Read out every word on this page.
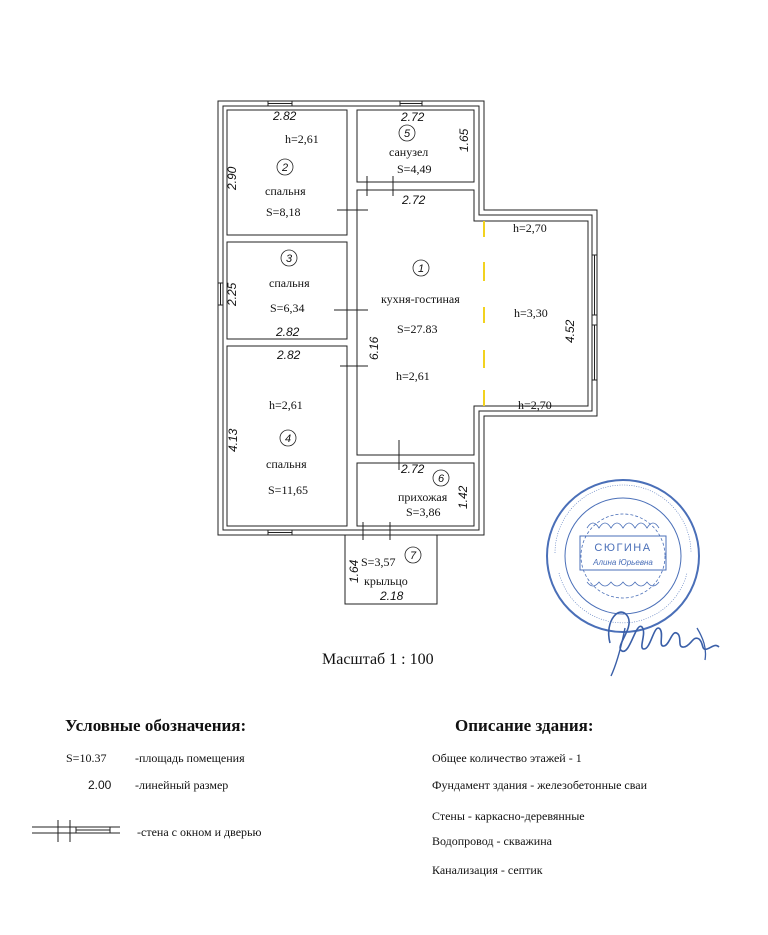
5
2
3
1
4
6
7
h=2,61
спальня
S=8,18
санузел
S=4,49
спальня
S=6,34
кухня-гостиная
S=27.83
h=2,61
h=2,70
h=3,30
h=2,70
h=2,61
спальня
S=11,65	прихожая
S=3,86
S=3,57
крыльцо
2.82
2.90
2.72
1.65
2.72
6.16
4.52
2.25
2.82
2.82
4.13
2.72
1.42
1.64
2.18
СЮГИНА
Алина Юрьевна
Масштаб 1 : 100
Условные обозначения:
S=10.37 -площадь помещения
2.00 -линейный размер
-стена с окном и дверью
Описание здания:
Общее количество этажей - 1
Фундамент здания - железобетонные сваи
Стены - каркасно-деревянные
Водопровод - скважина
Канализация - септик
